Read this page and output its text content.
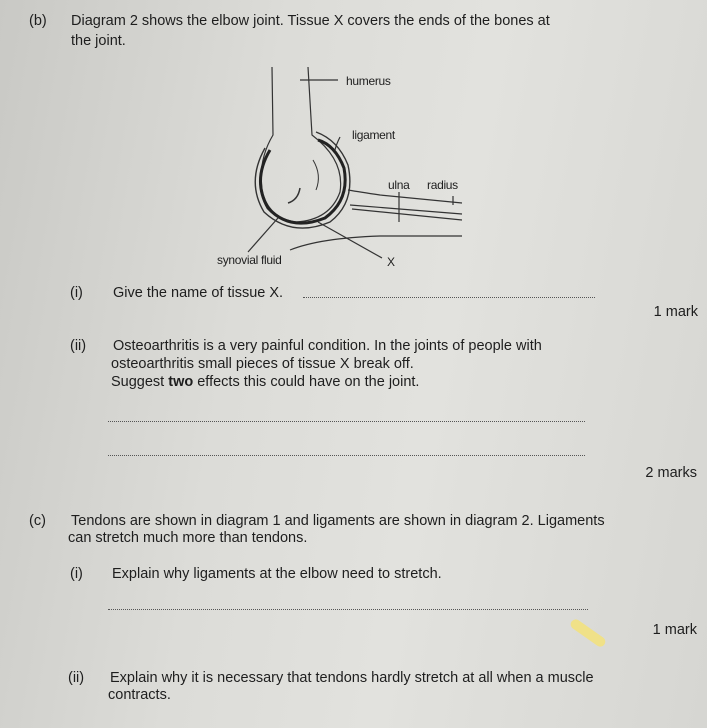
humerus
ligament
ulna radius
synovial fluid	X
(b) Diagram 2 shows the elbow joint. Tissue X covers the ends of the bones at
the joint.
(i) Give the name of tissue X.
1 mark
(ii) Osteoarthritis is a very painful condition. In the joints of people with
osteoarthritis small pieces of tissue X break off.
Suggest two effects this could have on the joint.
2 marks
(c) Tendons are shown in diagram 1 and ligaments are shown in diagram 2. Ligaments
can stretch much more than tendons.
(i) Explain why ligaments at the elbow need to stretch.
1 mark
(ii) Explain why it is necessary that tendons hardly stretch at all when a muscle
contracts.
